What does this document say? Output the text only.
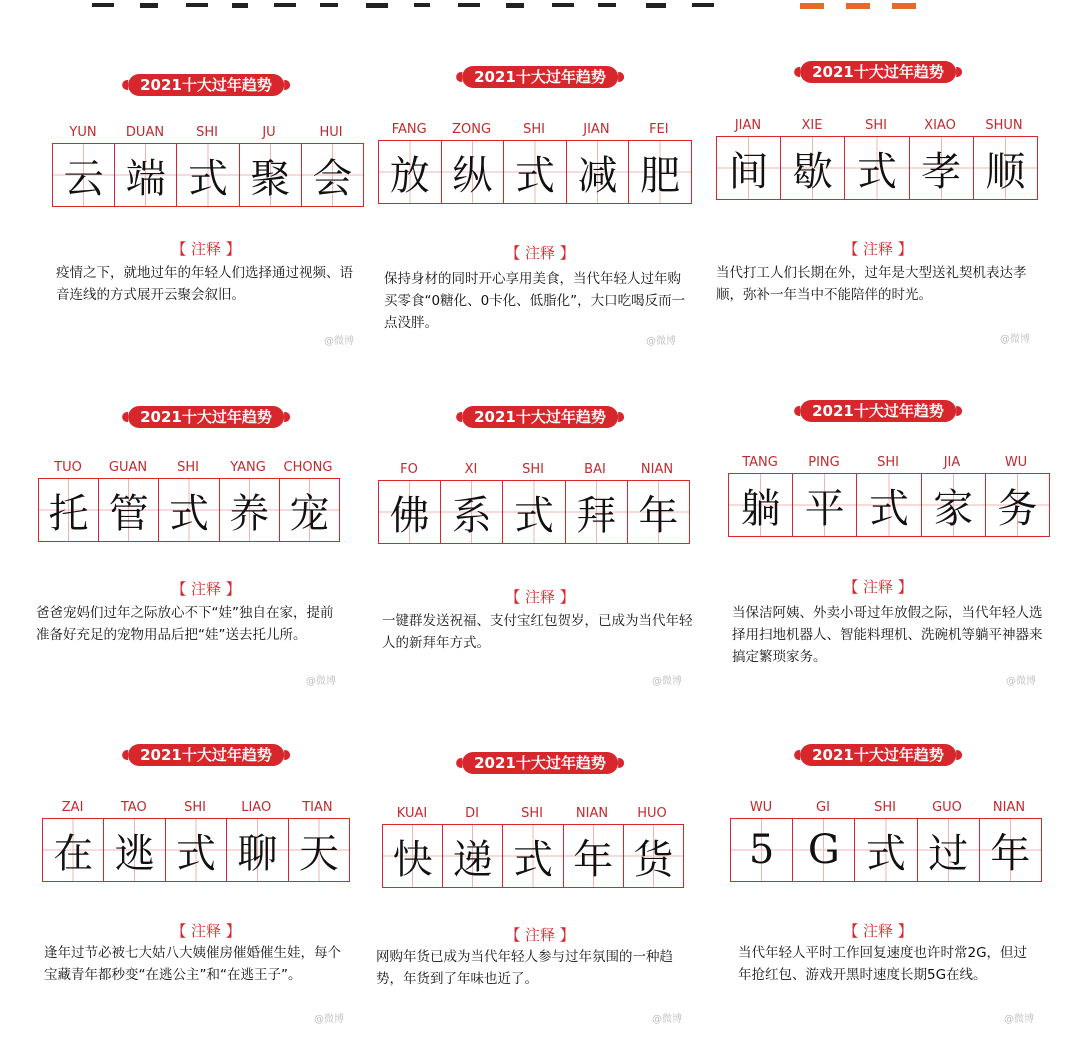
2021十大过年趋势
YUN	DUAN	SHI	JU	HUI
云 端 式 聚 会
【 注释 】
疫情之下，就地过年的年轻人们选择通过视频、语音连线的方式展开云聚会叙旧。
@微博
2021十大过年趋势
FANG	ZONG	SHI	JIAN	FEI
放 纵 式 减 肥
【 注释 】
保持身材的同时开心享用美食，当代年轻人过年购买零食“0糖化、0卡化、低脂化”，大口吃喝反而一点没胖。
@微博
2021十大过年趋势
JIAN	XIE	SHI	XIAO	SHUN
间 歇 式 孝 顺
【 注释 】
当代打工人们长期在外，过年是大型送礼契机表达孝顺，弥补一年当中不能陪伴的时光。
@微博
2021十大过年趋势
TUO	GUAN	SHI	YANG	CHONG
托 管 式 养 宠
【 注释 】
爸爸宠妈们过年之际放心不下“娃”独自在家，提前准备好充足的宠物用品后把“娃”送去托儿所。
@微博
2021十大过年趋势
FO	XI	SHI	BAI	NIAN
佛 系 式 拜 年
【 注释 】
一键群发送祝福、支付宝红包贺岁，已成为当代年轻人的新拜年方式。
@微博
2021十大过年趋势
TANG	PING	SHI	JIA	WU
躺 平 式 家 务
【 注释 】
当保洁阿姨、外卖小哥过年放假之际，当代年轻人选择用扫地机器人、智能料理机、洗碗机等躺平神器来搞定繁琐家务。
@微博
2021十大过年趋势
ZAI	TAO	SHI	LIAO	TIAN
在 逃 式 聊 天
【 注释 】
逢年过节必被七大姑八大姨催房催婚催生娃，每个宝藏青年都秒变“在逃公主”和“在逃王子”。
@微博
2021十大过年趋势
KUAI	DI	SHI	NIAN	HUO
快 递 式 年 货
【 注释 】
网购年货已成为当代年轻人参与过年氛围的一种趋势，年货到了年味也近了。
@微博
2021十大过年趋势
WU	GI	SHI	GUO	NIAN
5 G 式 过 年
【 注释 】
当代年轻人平时工作回复速度也许时常2G，但过年抢红包、游戏开黑时速度长期5G在线。
@微博
